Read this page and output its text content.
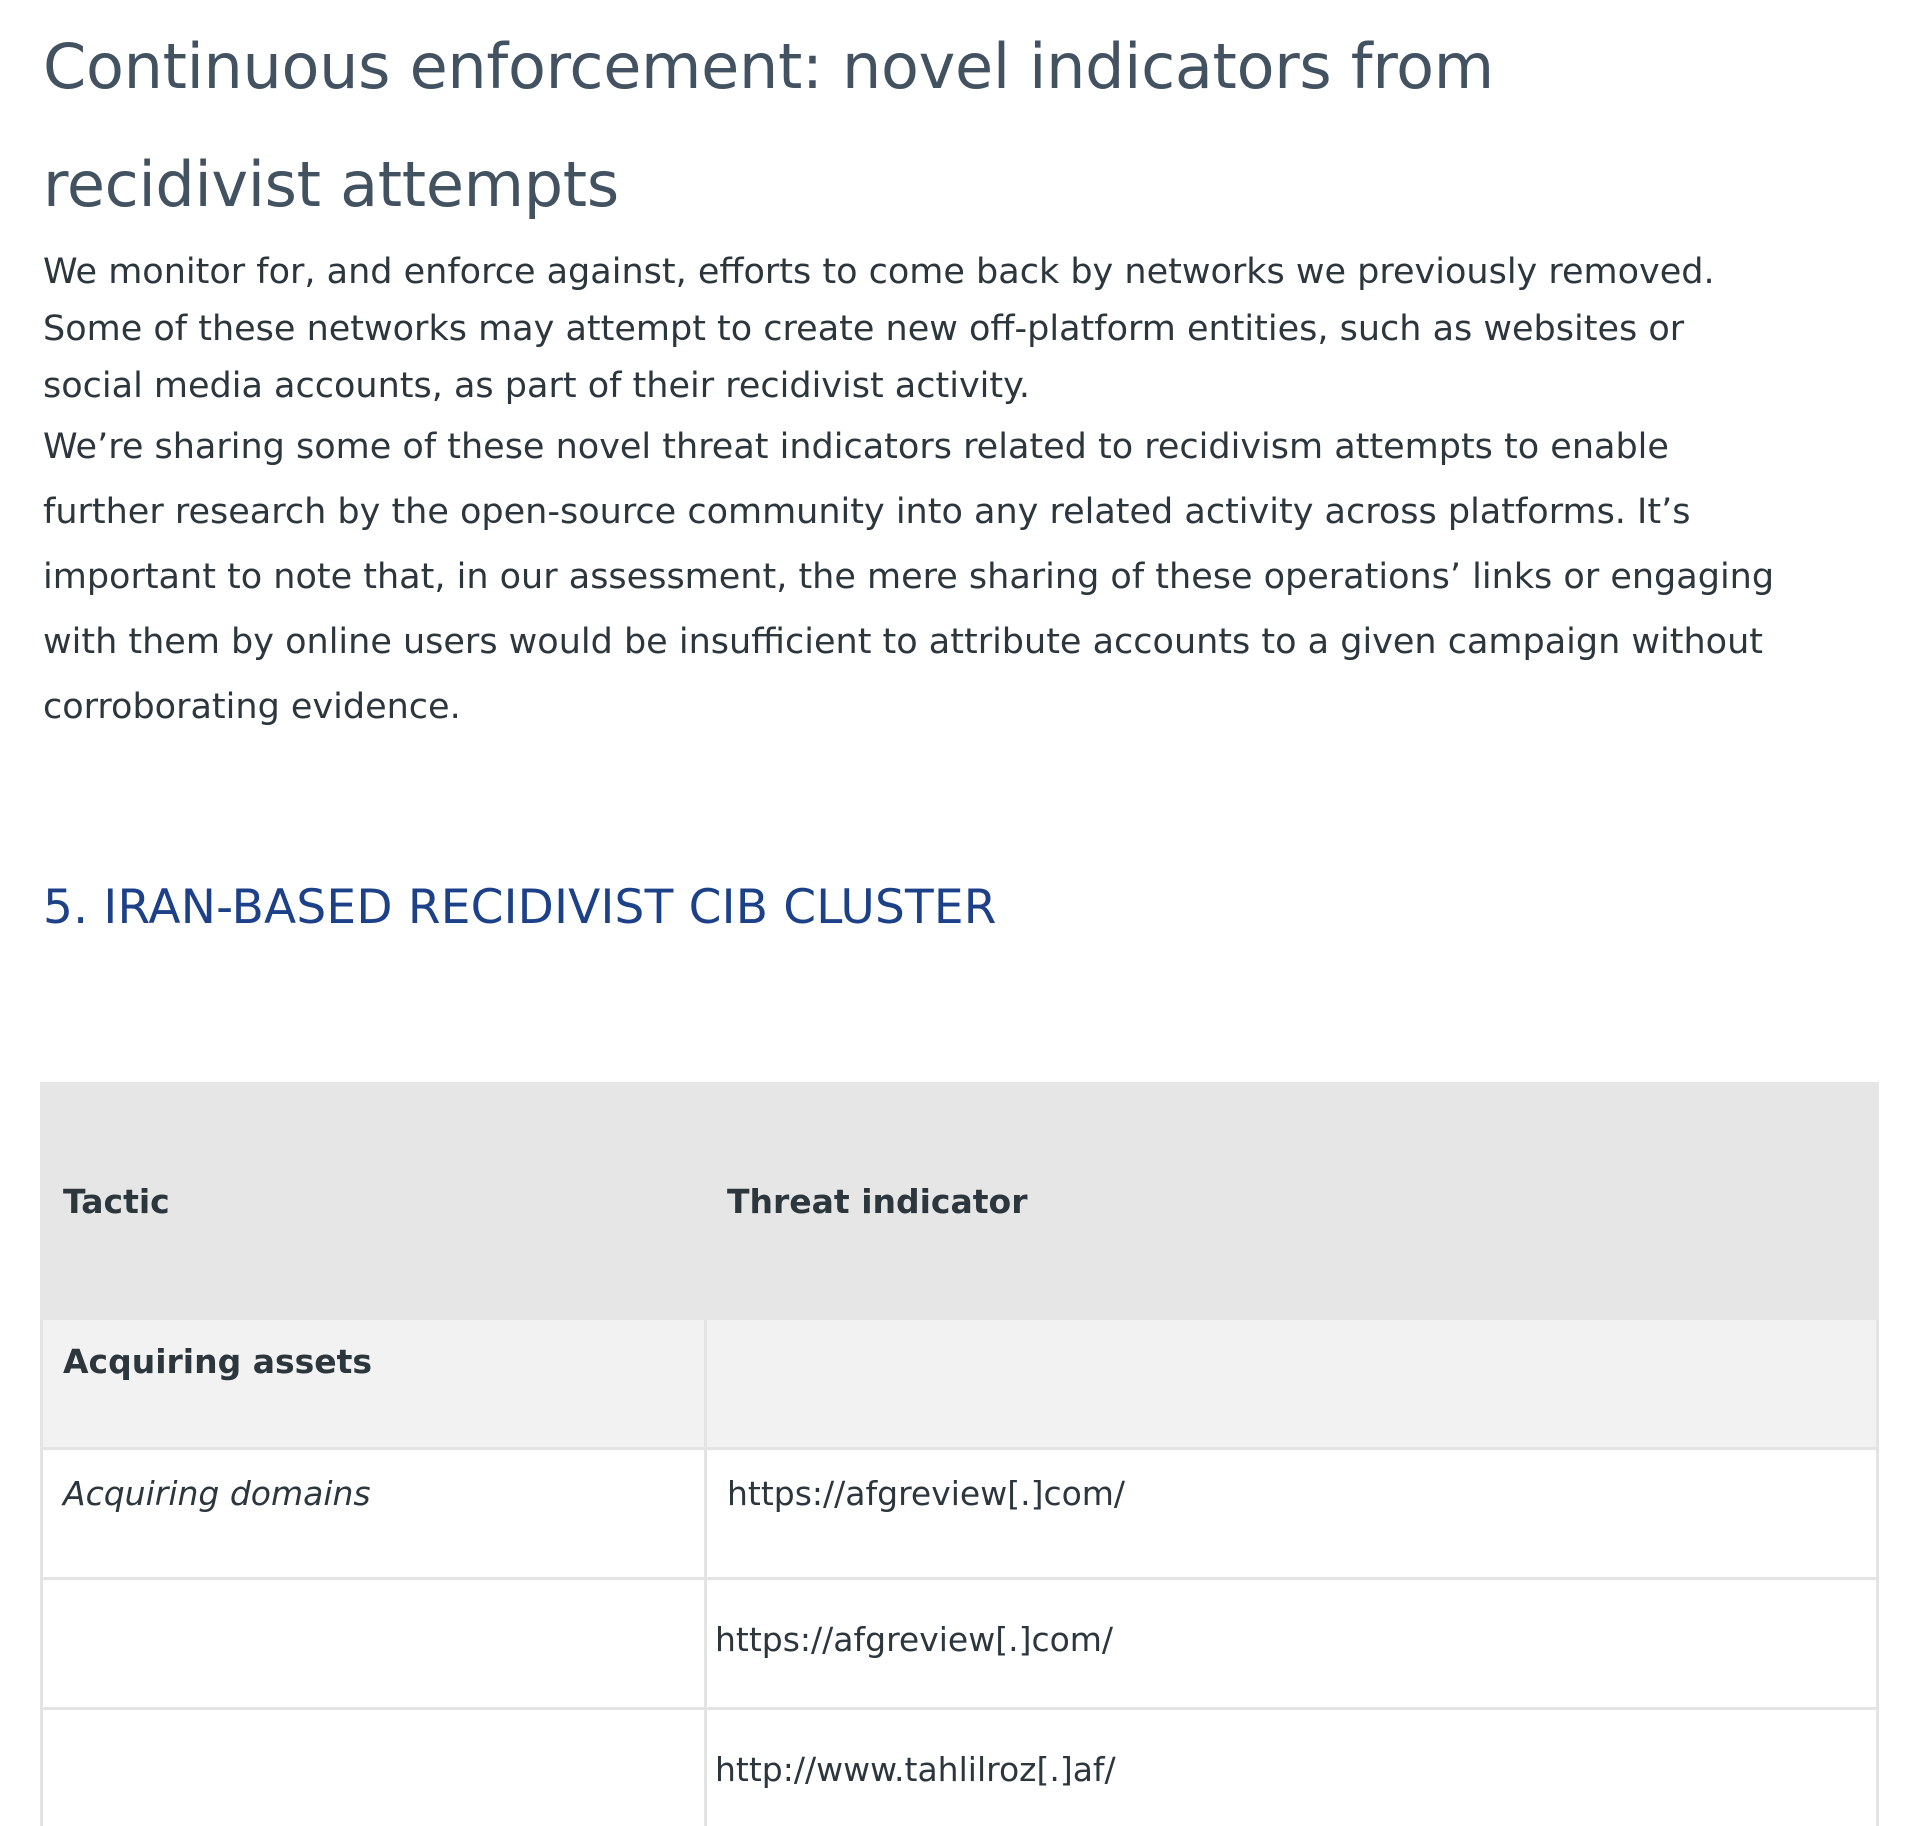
Continuous enforcement: novel indicators from
recidivist attempts

We monitor for, and enforce against, efforts to come back by networks we previously removed.
Some of these networks may attempt to create new off-platform entities, such as websites or
social media accounts, as part of their recidivist activity.

We’re sharing some of these novel threat indicators related to recidivism attempts to enable
further research by the open-source community into any related activity across platforms. It’s
important to note that, in our assessment, the mere sharing of these operations’ links or engaging
with them by online users would be insufficient to attribute accounts to a given campaign without
corroborating evidence.

5. IRAN-BASED RECIDIVIST CIB CLUSTER
Tactic	Threat indicator
Acquiring assets	
Acquiring domains	https://afgreview[.]com/
	https://afgreview[.]com/
	http://www.tahlilroz[.]af/
